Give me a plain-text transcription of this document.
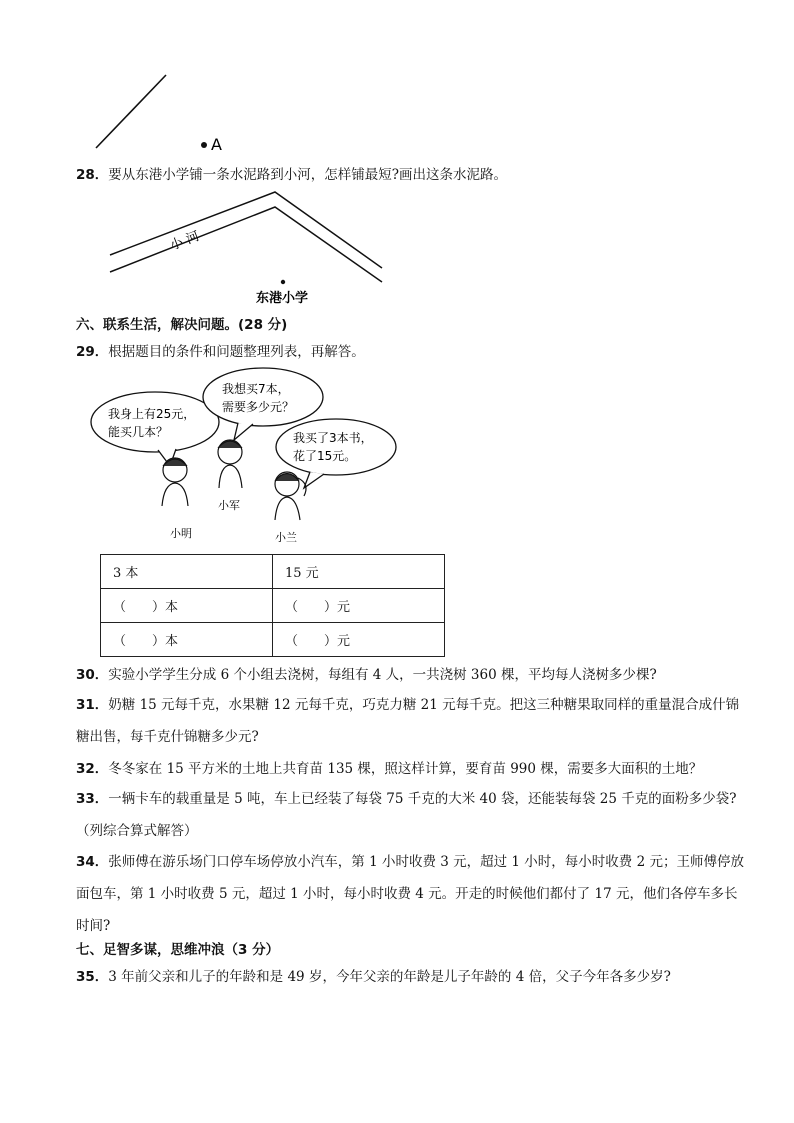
A
28．要从东港小学铺一条水泥路到小河，怎样铺最短?画出这条水泥路。
小 河
东港小学
六、联系生活，解决问题。(28 分)
29．根据题目的条件和问题整理列表，再解答。
我身上有25元，
能买几本？
我想买7本，
需要多少元？
我买了3本书，
花了15元。
小军
小明	小兰
3 本	15 元
（　　）本	（　　）元
（　　）本	（　　）元
30．实验小学学生分成 6 个小组去浇树，每组有 4 人，一共浇树 360 棵，平均每人浇树多少棵?
31．奶糖 15 元每千克，水果糖 12 元每千克，巧克力糖 21 元每千克。把这三种糖果取同样的重量混合成什锦糖出售，每千克什锦糖多少元?
32．冬冬家在 15 平方米的土地上共育苗 135 棵，照这样计算，要育苗 990 棵，需要多大面积的土地？
33．一辆卡车的载重量是 5 吨，车上已经装了每袋 75 千克的大米 40 袋，还能装每袋 25 千克的面粉多少袋?（列综合算式解答）
34．张师傅在游乐场门口停车场停放小汽车，第 1 小时收费 3 元，超过 1 小时，每小时收费 2 元；王师傅停放面包车，第 1 小时收费 5 元，超过 1 小时，每小时收费 4 元。开走的时候他们都付了 17 元，他们各停车多长时间?
七、足智多谋，思维冲浪（3 分）
35．3 年前父亲和儿子的年龄和是 49 岁，今年父亲的年龄是儿子年龄的 4 倍，父子今年各多少岁?
